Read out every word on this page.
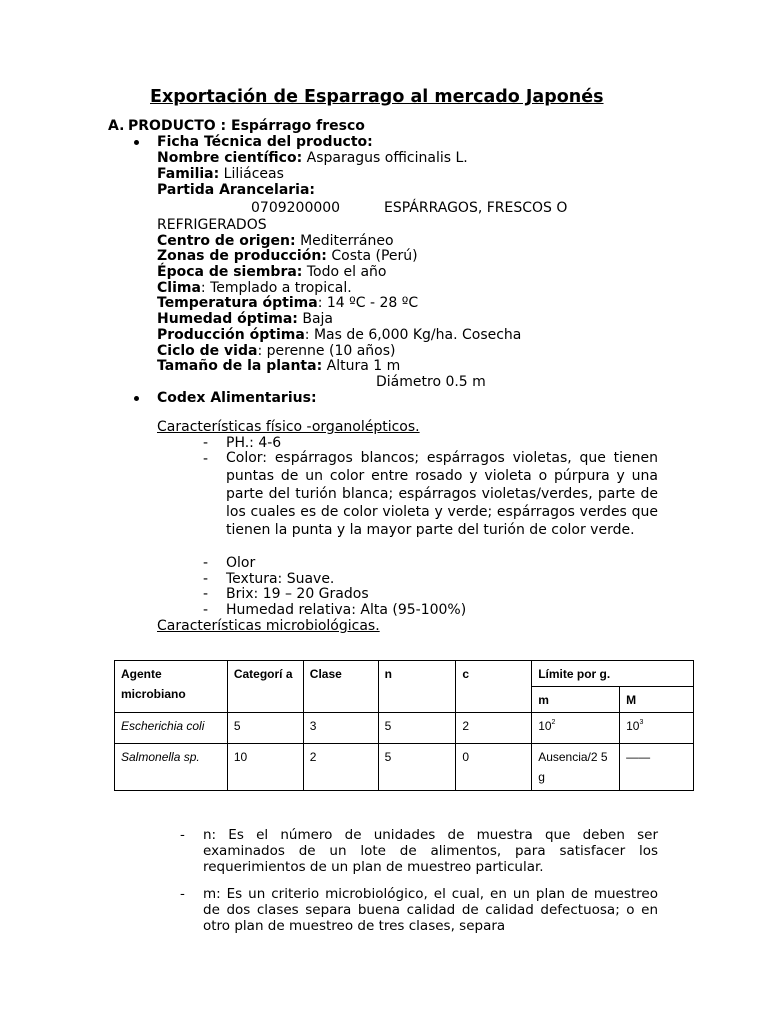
Exportación de Esparrago al mercado Japonés
A. PRODUCTO : Espárrago fresco
Ficha Técnica del producto:
Nombre científico: Asparagus officinalis L.
Familia: Liliáceas
Partida Arancelaria:
0709200000	ESPÁRRAGOS, FRESCOS O
REFRIGERADOS
Centro de origen: Mediterráneo
Zonas de producción: Costa (Perú)
Época de siembra: Todo el año
Clima: Templado a tropical.
Temperatura óptima: 14 ºC - 28 ºC
Humedad óptima: Baja
Producción óptima: Mas de 6,000 Kg/ha. Cosecha
Ciclo de vida: perenne (10 años)
Tamaño de la planta: Altura 1 m
Diámetro 0.5 m
Codex Alimentarius:
Características físico -organolépticos.
- PH.: 4-6
- Color: espárragos blancos; espárragos violetas, que tienen puntas de un color entre rosado y violeta o púrpura y una parte del turión blanca; espárragos violetas/verdes, parte de los cuales es de color violeta y verde; espárragos verdes que tienen la punta y la mayor parte del turión de color verde.
- Olor
- Textura: Suave.
- Brix: 19 – 20 Grados
- Humedad relativa: Alta (95-100%)
Características microbiológicas.
Agente microbiano	Categorí a	Clase	n	c	Límite por g.	
					m	M
Escherichia coli	5	3	5	2	$10^2$	$10^3$
Salmonella sp.	10	2	5	0	Ausencia/2 5 g	——
- n: Es el número de unidades de muestra que deben ser examinados de un lote de alimentos, para satisfacer los requerimientos de un plan de muestreo particular.
- m: Es un criterio microbiológico, el cual, en un plan de muestreo de dos clases separa buena calidad de calidad defectuosa; o en otro plan de muestreo de tres clases, separa
